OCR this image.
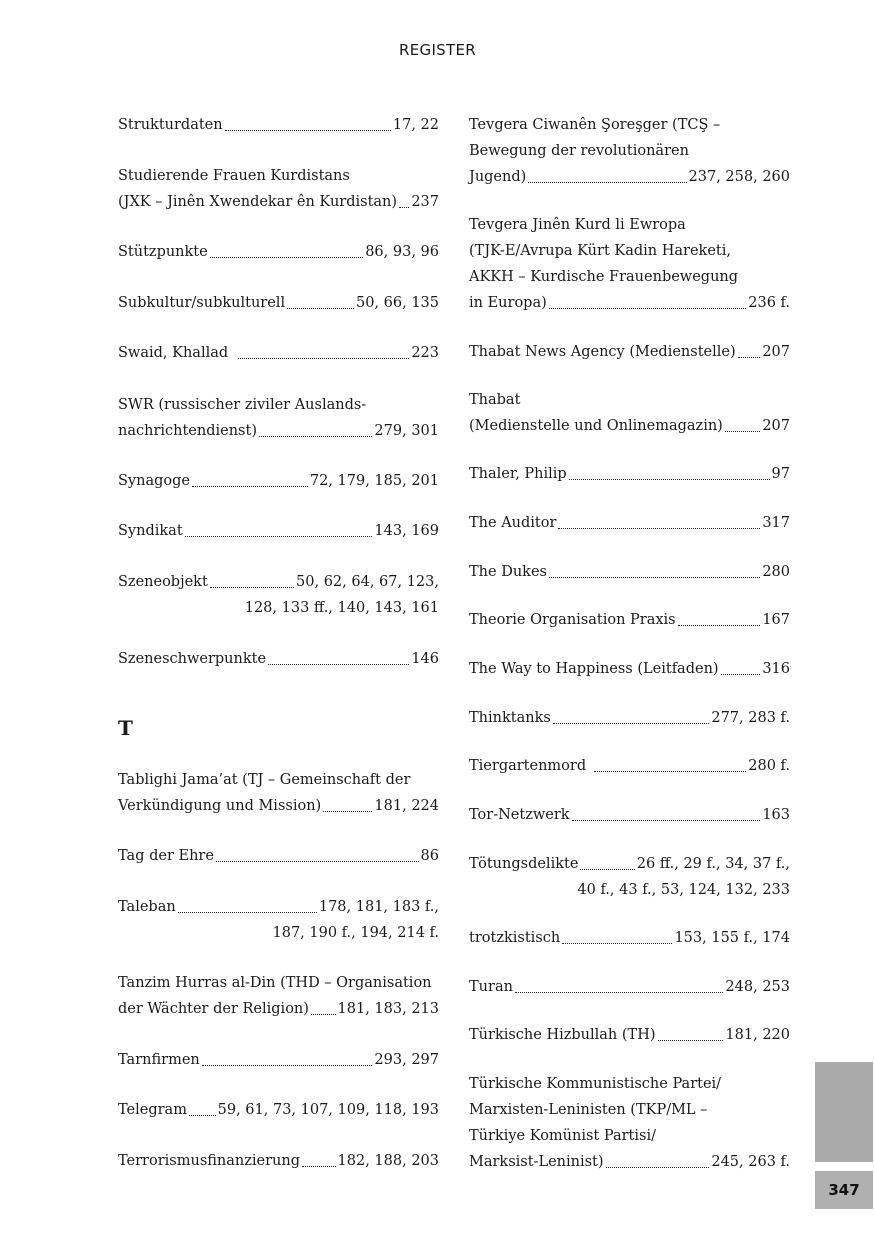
REGISTER
Strukturdaten	17, 22
Studierende Frauen Kurdistans
(JXK – Jinên Xwendekar ên Kurdistan) 237
Stützpunkte	86, 93, 96
Subkultur/subkulturell	50, 66, 135
Swaid, Khallad	223
SWR (russischer ziviler Auslands-
nachrichtendienst)	279, 301
Synagoge	72, 179, 185, 201
Syndikat	143, 169
Szeneobjekt	50, 62, 64, 67, 123,
128, 133 ff., 140, 143, 161
Szeneschwerpunkte	146
T
Tablighi Jama’at (TJ – Gemeinschaft der
Verkündigung und Mission)	181, 224
Tag der Ehre	86
Taleban	178, 181, 183 f.,
187, 190 f., 194, 214 f.
Tanzim Hurras al-Din (THD – Organisation
der Wächter der Religion) 181, 183, 213
Tarnfirmen	293, 297
Telegram 59, 61, 73, 107, 109, 118, 193
Terrorismusfinanzierung	182, 188, 203
Tevgera Ciwanên Şoreşger (TCŞ –
Bewegung der revolutionären
Jugend)	237, 258, 260
Tevgera Jinên Kurd li Ewropa
(TJK-E/Avrupa Kürt Kadin Hareketi,
AKKH – Kurdische Frauenbewegung
in Europa)	236 f.
Thabat News Agency (Medienstelle) 207
Thabat
(Medienstelle und Onlinemagazin)	207
Thaler, Philip	97
The Auditor	317
The Dukes	280
Theorie Organisation Praxis	167
The Way to Happiness (Leitfaden)	316
Thinktanks	277, 283 f.
Tiergartenmord	280 f.
Tor-Netzwerk	163
Tötungsdelikte	26 ff., 29 f., 34, 37 f.,
40 f., 43 f., 53, 124, 132, 233
trotzkistisch	153, 155 f., 174
Turan	248, 253
Türkische Hizbullah (TH)	181, 220
Türkische Kommunistische Partei/
Marxisten-Leninisten (TKP/ML –
Türkiye Komünist Partisi/
Marksist-Leninist)	245, 263 f.
347
